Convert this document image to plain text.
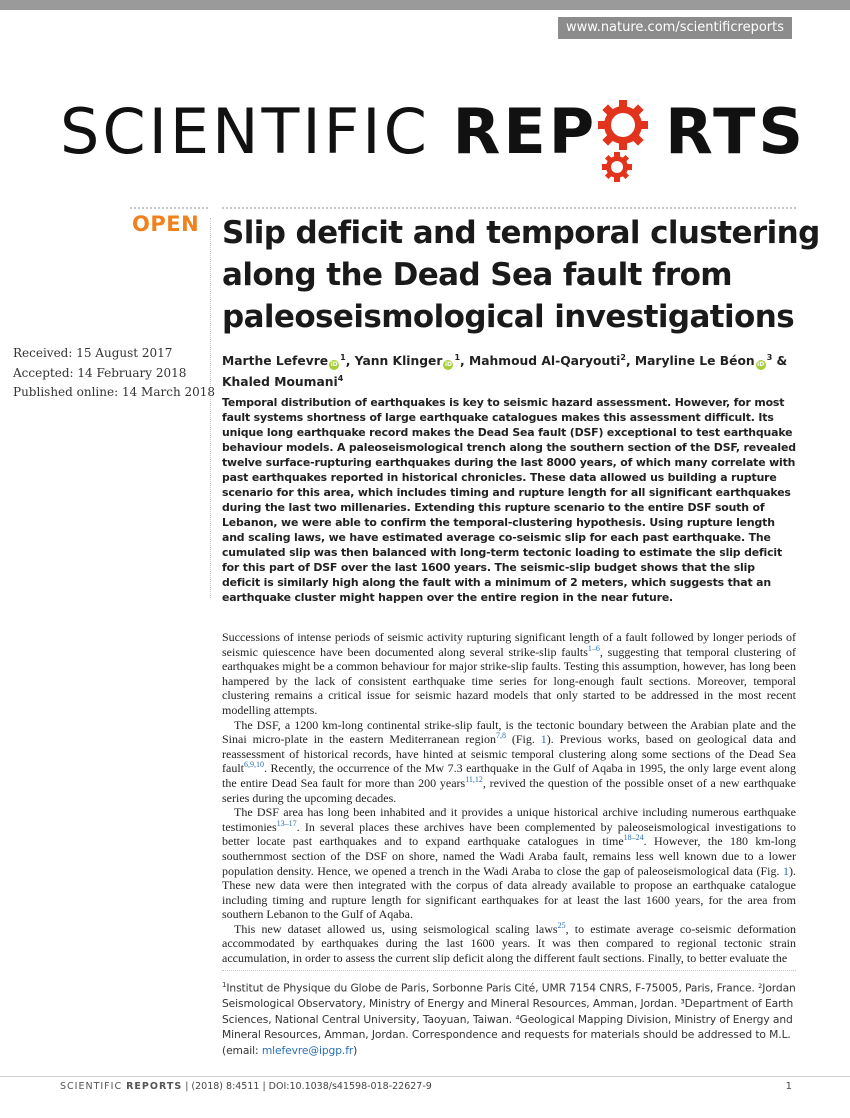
www.nature.com/scientificreports
SCIENTIFIC REP RTS
OPEN
Received: 15 August 2017
Accepted: 14 February 2018
Published online: 14 March 2018
Slip deficit and temporal clustering along the Dead Sea fault from paleoseismological investigations
Marthe Lefevre $iD^1$, Yann Klinger $iD^1$, Mahmoud Al-Qaryouti$^2$, Maryline Le Béon $iD^3$ & Khaled Moumani$^4$

Temporal distribution of earthquakes is key to seismic hazard assessment. However, for most fault systems shortness of large earthquake catalogues makes this assessment difficult. Its unique long earthquake record makes the Dead Sea fault (DSF) exceptional to test earthquake behaviour models. A paleoseismological trench along the southern section of the DSF, revealed twelve surface-rupturing earthquakes during the last 8000 years, of which many correlate with past earthquakes reported in historical chronicles. These data allowed us building a rupture scenario for this area, which includes timing and rupture length for all significant earthquakes during the last two millenaries. Extending this rupture scenario to the entire DSF south of Lebanon, we were able to confirm the temporal-clustering hypothesis. Using rupture length and scaling laws, we have estimated average co-seismic slip for each past earthquake. The cumulated slip was then balanced with long-term tectonic loading to estimate the slip deficit for this part of DSF over the last 1600 years. The seismic-slip budget shows that the slip deficit is similarly high along the fault with a minimum of 2 meters, which suggests that an earthquake cluster might happen over the entire region in the near future.

Successions of intense periods of seismic activity rupturing significant length of a fault followed by longer periods of seismic quiescence have been documented along several strike-slip faults$^{1-6}$, suggesting that temporal clustering of earthquakes might be a common behaviour for major strike-slip faults. Testing this assumption, however, has long been hampered by the lack of consistent earthquake time series for long-enough fault sections. Moreover, temporal clustering remains a critical issue for seismic hazard models that only started to be addressed in the most recent modelling attempts.

The DSF, a 1200 km-long continental strike-slip fault, is the tectonic boundary between the Arabian plate and the Sinai micro-plate in the eastern Mediterranean region$^{7,8}$ (Fig. 1). Previous works, based on geological data and reassessment of historical records, have hinted at seismic temporal clustering along some sections of the Dead Sea fault$^{6,9,10}$. Recently, the occurrence of the Mw 7.3 earthquake in the Gulf of Aqaba in 1995, the only large event along the entire Dead Sea fault for more than 200 years$^{11,12}$, revived the question of the possible onset of a new earthquake series during the upcoming decades.

The DSF area has long been inhabited and it provides a unique historical archive including numerous earthquake testimonies$^{13-17}$. In several places these archives have been complemented by paleoseismological investigations to better locate past earthquakes and to expand earthquake catalogues in time$^{18-24}$. However, the 180 km-long southernmost section of the DSF on shore, named the Wadi Araba fault, remains less well known due to a lower population density. Hence, we opened a trench in the Wadi Araba to close the gap of paleoseismological data (Fig. 1). These new data were then integrated with the corpus of data already available to propose an earthquake catalogue including timing and rupture length for significant earthquakes for at least the last 1600 years, for the area from southern Lebanon to the Gulf of Aqaba.

This new dataset allowed us, using seismological scaling laws$^{25}$, to estimate average co-seismic deformation accommodated by earthquakes during the last 1600 years. It was then compared to regional tectonic strain accumulation, in order to assess the current slip deficit along the different fault sections. Finally, to better evaluate the

$^1$Institut de Physique du Globe de Paris, Sorbonne Paris Cité, UMR 7154 CNRS, F-75005, Paris, France. ²Jordan Seismological Observatory, Ministry of Energy and Mineral Resources, Amman, Jordan. ³Department of Earth Sciences, National Central University, Taoyuan, Taiwan. ⁴Geological Mapping Division, Ministry of Energy and Mineral Resources, Amman, Jordan. Correspondence and requests for materials should be addressed to M.L. (email: mlefevre@ipgp.fr)
SCIENTIFIC REPORTS | (2018) 8:4511 | DOI:10.1038/s41598-018-22627-9	1
